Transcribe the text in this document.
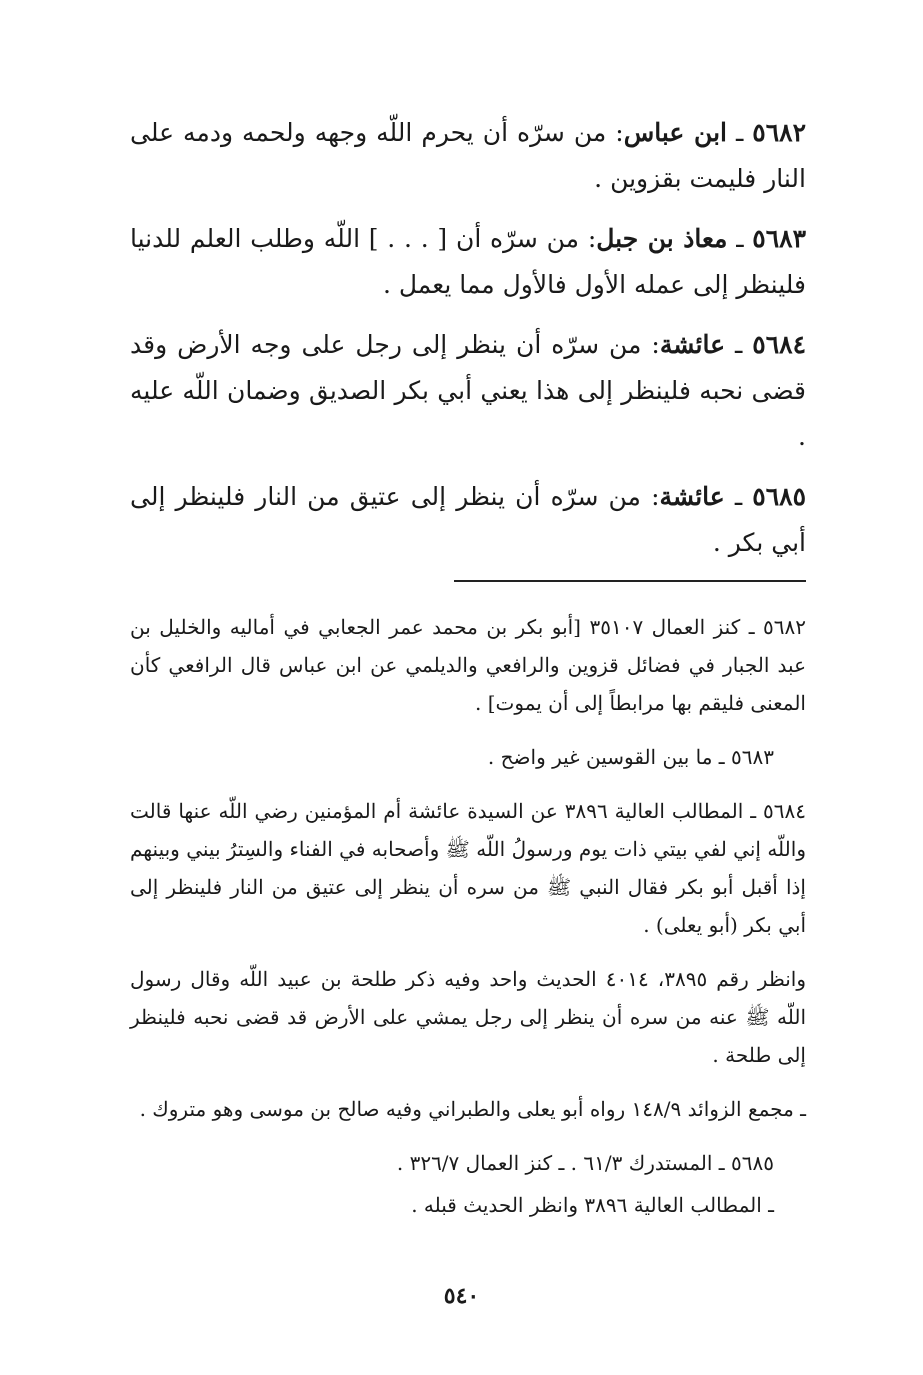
٥٦٨٢ ـ ابن عباس: من سرّه أن يحرم اللّه وجهه ولحمه ودمه على النار فليمت بقزوين .

٥٦٨٣ ـ معاذ بن جبل: من سرّه أن [ . . . ] اللّه وطلب العلم للدنيا فلينظر إلى عمله الأول فالأول مما يعمل .

٥٦٨٤ ـ عائشة: من سرّه أن ينظر إلى رجل على وجه الأرض وقد قضى نحبه فلينظر إلى هذا يعني أبي بكر الصديق وضمان اللّه عليه .

٥٦٨٥ ـ عائشة: من سرّه أن ينظر إلى عتيق من النار فلينظر إلى أبي بكر .

٥٦٨٢ ـ كنز العمال ٣٥١٠٧ [أبو بكر بن محمد عمر الجعابي في أماليه والخليل بن عبد الجبار في فضائل قزوين والرافعي والديلمي عن ابن عباس قال الرافعي كأن المعنى فليقم بها مرابطاً إلى أن يموت] .

٥٦٨٣ ـ ما بين القوسين غير واضح .

٥٦٨٤ ـ المطالب العالية ٣٨٩٦ عن السيدة عائشة أم المؤمنين رضي اللّه عنها قالت واللّه إني لفي بيتي ذات يوم ورسولُ اللّه ﷺ وأصحابه في الفناء والسِترُ بيني وبينهم إذا أقبل أبو بكر فقال النبي ﷺ من سره أن ينظر إلى عتيق من النار فلينظر إلى أبي بكر (أبو يعلى) .

وانظر رقم ٣٨٩٥، ٤٠١٤ الحديث واحد وفيه ذكر طلحة بن عبيد اللّه وقال رسول اللّه ﷺ عنه من سره أن ينظر إلى رجل يمشي على الأرض قد قضى نحبه فلينظر إلى طلحة .

ـ مجمع الزوائد ١٤٨/٩ رواه أبو يعلى والطبراني وفيه صالح بن موسى وهو متروك .

٥٦٨٥ ـ المستدرك ٦١/٣ . ـ كنز العمال ٣٢٦/٧ .

ـ المطالب العالية ٣٨٩٦ وانظر الحديث قبله .

٥٤٠
